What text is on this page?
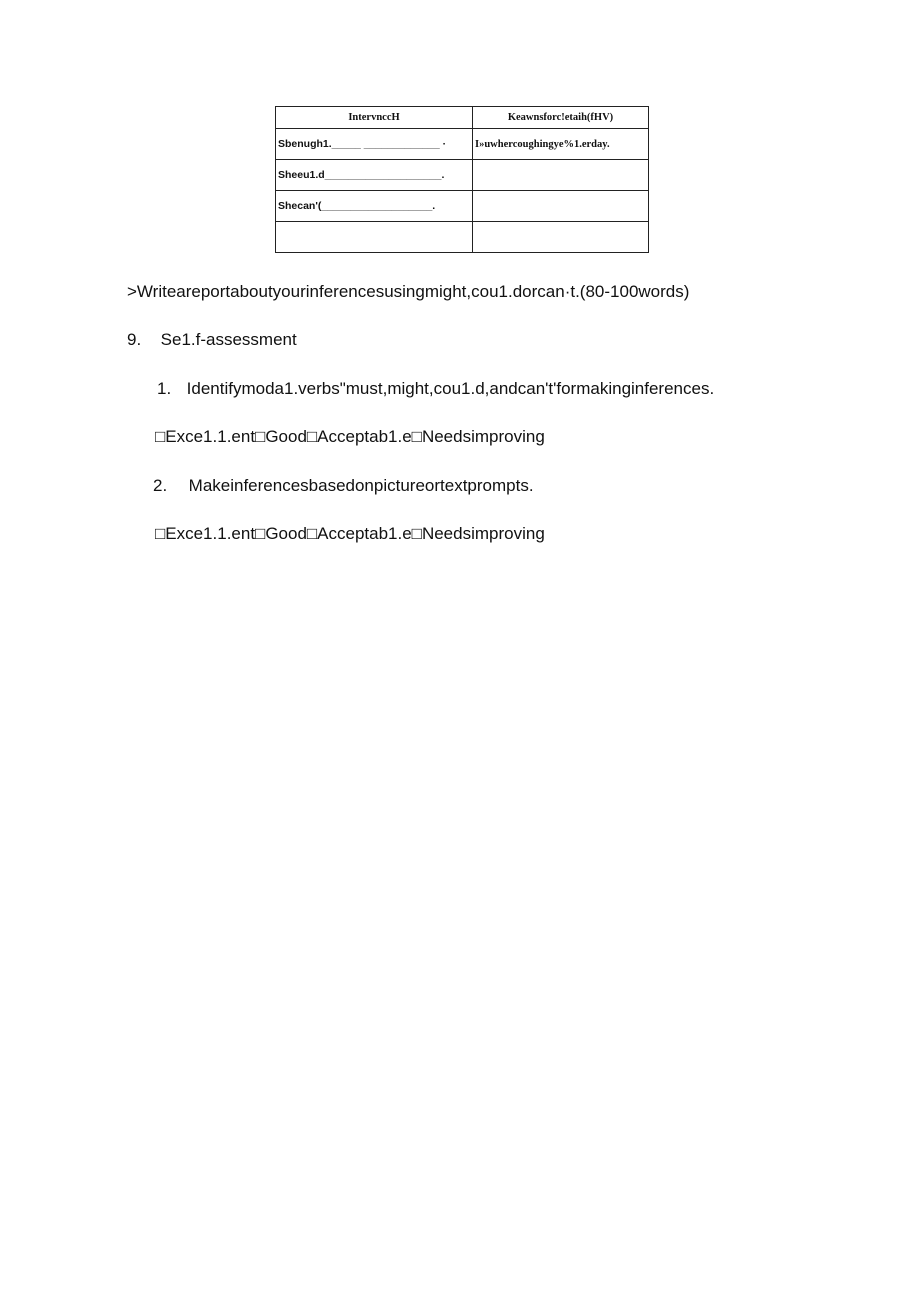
IntervnccH	Keawnsforc!etaih(fHV)
Sbenugh1._____ _____________ ·	I»uwhercoughingye%1.erday.
Sheeu1.d____________________.	
Shecan'(___________________.	

>Writeareportaboutyourinferencesusingmight,cou1.dorcan·t.(80-100words)
9. Se1.f-assessment
1. Identifymoda1.verbs"must,might,cou1.d,andcan't'formakinginferences.
□Exce1.1.ent□Good□Acceptab1.e□Needsimproving
2. Makeinferencesbasedonpictureortextprompts.
□Exce1.1.ent□Good□Acceptab1.e□Needsimproving
